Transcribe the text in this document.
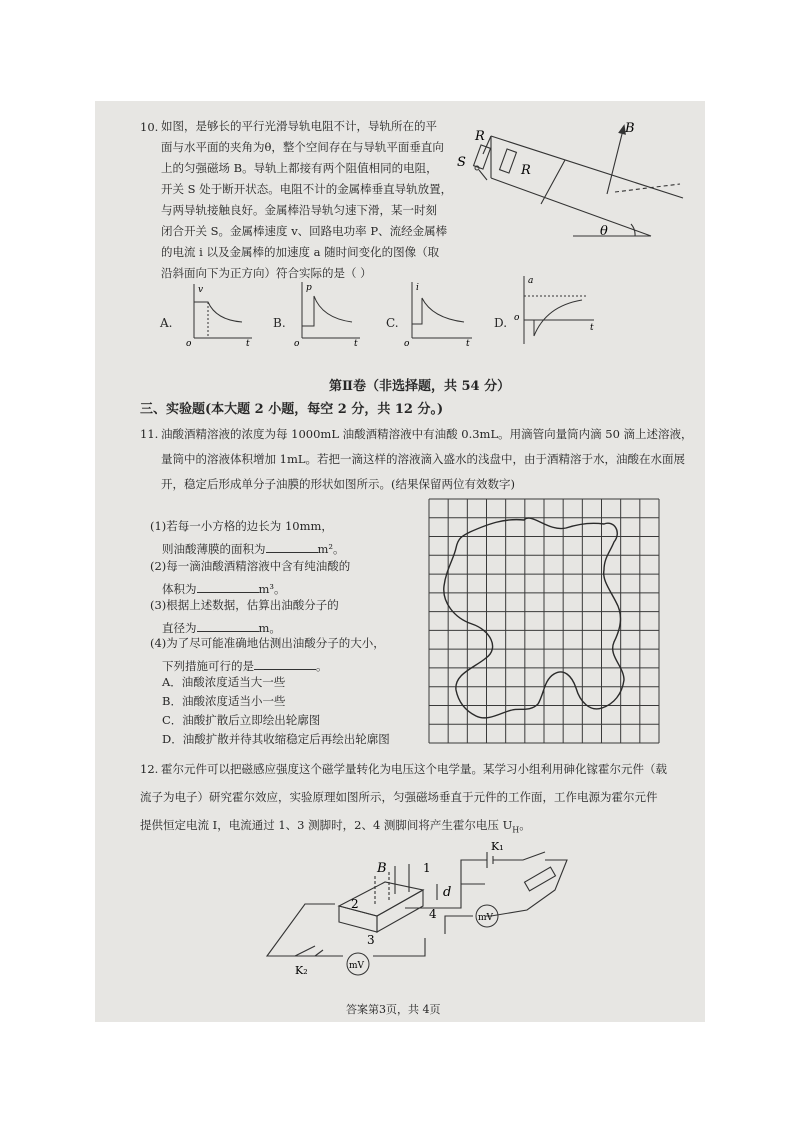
10. 如图，是够长的平行光滑导轨电阻不计，导轨所在的平
面与水平面的夹角为θ，整个空间存在与导轨平面垂直向
上的匀强磁场 B。导轨上都接有两个阻值相同的电阻，
开关 S 处于断开状态。电阻不计的金属棒垂直导轨放置，
与两导轨接触良好。金属棒沿导轨匀速下滑，某一时刻
闭合开关 S。金属棒速度 v、回路电功率 P、流经金属棒
的电流 i 以及金属棒的加速度 a 随时间变化的图像（取
沿斜面向下为正方向）符合实际的是（ ）
B
R
R
S
θ
A.
v
o	t
B.
p
o	t
C.
i
o	t
D.
a
o
t
第Ⅱ卷（非选择题，共 54 分）
三、实验题(本大题 2 小题，每空 2 分，共 12 分。)
11. 油酸酒精溶液的浓度为每 1000mL 油酸酒精溶液中有油酸 0.3mL。用滴管向量筒内滴 50 滴上述溶液，
量筒中的溶液体积增加 1mL。若把一滴这样的溶液滴入盛水的浅盘中，由于酒精溶于水，油酸在水面展
开，稳定后形成单分子油膜的形状如图所示。(结果保留两位有效数字)
(1)若每一小方格的边长为 10mm，
则油酸薄膜的面积为	m²。
(2)每一滴油酸酒精溶液中含有纯油酸的
体积为	m³。
(3)根据上述数据，估算出油酸分子的
直径为	m。
(4)为了尽可能准确地估测出油酸分子的大小，
下列措施可行的是	。
A．油酸浓度适当大一些
B．油酸浓度适当小一些
C．油酸扩散后立即绘出轮廓图
D．油酸扩散并待其收缩稳定后再绘出轮廓图
12. 霍尔元件可以把磁感应强度这个磁学量转化为电压这个电学量。某学习小组利用砷化镓霍尔元件（载
流子为电子）研究霍尔效应，实验原理如图所示，匀强磁场垂直于元件的工作面，工作电源为霍尔元件
提供恒定电流 I，电流通过 1、3 测脚时，2、4 测脚间将产生霍尔电压 $U_H$。
B	1
2
3
4
d
K₁
K₂
mV
mV
答案第3页，共 4页
